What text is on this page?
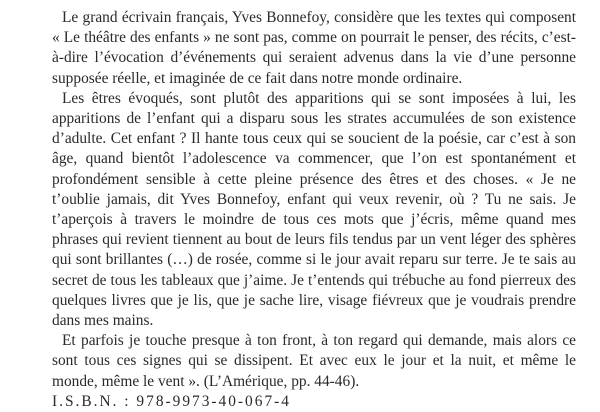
Le grand écrivain français, Yves Bonnefoy, considère que les textes qui composent « Le théâtre des enfants » ne sont pas, comme on pourrait le penser, des récits, c’est-à-dire l’évocation d’événements qui seraient advenus dans la vie d’une personne supposée réelle, et imaginée de ce fait dans notre monde ordinaire.

Les êtres évoqués, sont plutôt des apparitions qui se sont imposées à lui, les apparitions de l’enfant qui a disparu sous les strates accumulées de son existence d’adulte. Cet enfant ? Il hante tous ceux qui se soucient de la poésie, car c’est à son âge, quand bientôt l’adolescence va commencer, que l’on est spontanément et profondément sensible à cette pleine présence des êtres et des choses. « Je ne t’oublie jamais, dit Yves Bonnefoy, enfant qui veux revenir, où ? Tu ne sais. Je t’aperçois à travers le moindre de tous ces mots que j’écris, même quand mes phrases qui revient tiennent au bout de leurs fils tendus par un vent léger des sphères qui sont brillantes (…) de rosée, comme si le jour avait reparu sur terre. Je te sais au secret de tous les tableaux que j’aime. Je t’entends qui trébuche au fond pierreux des quelques livres que je lis, que je sache lire, visage fiévreux que je voudrais prendre dans mes mains.

Et parfois je touche presque à ton front, à ton regard qui demande, mais alors ce sont tous ces signes qui se dissipent. Et avec eux le jour et la nuit, et même le monde, même le vent ». (L’Amérique, pp. 44-46).

I.S.B.N. : 978-9973-40-067-4
